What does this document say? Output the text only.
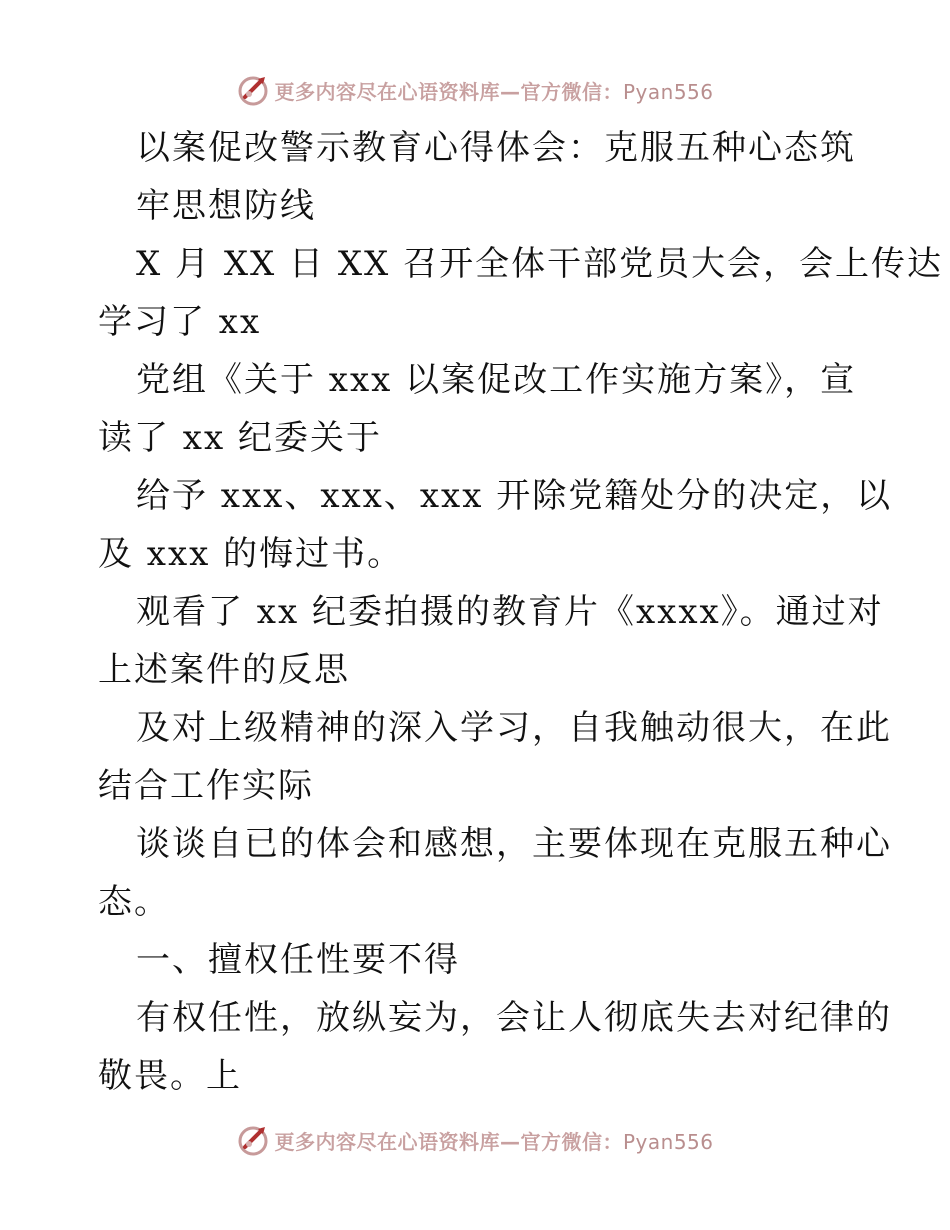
更多内容尽在心语资料库—官方微信：Pyan556
以案促改警示教育心得体会：克服五种心态筑
牢思想防线
X 月 XX 日 XX 召开全体干部党员大会，会上传达
学习了 xx
党组《关于 xxx 以案促改工作实施方案》，宣
读了 xx 纪委关于
给予 xxx、xxx、xxx 开除党籍处分的决定，以
及 xxx 的悔过书。
观看了 xx 纪委拍摄的教育片《xxxx》。通过对
上述案件的反思
及对上级精神的深入学习，自我触动很大，在此
结合工作实际
谈谈自已的体会和感想，主要体现在克服五种心
态。
一、擅权任性要不得
有权任性，放纵妄为，会让人彻底失去对纪律的
敬畏。上
更多内容尽在心语资料库—官方微信：Pyan556
